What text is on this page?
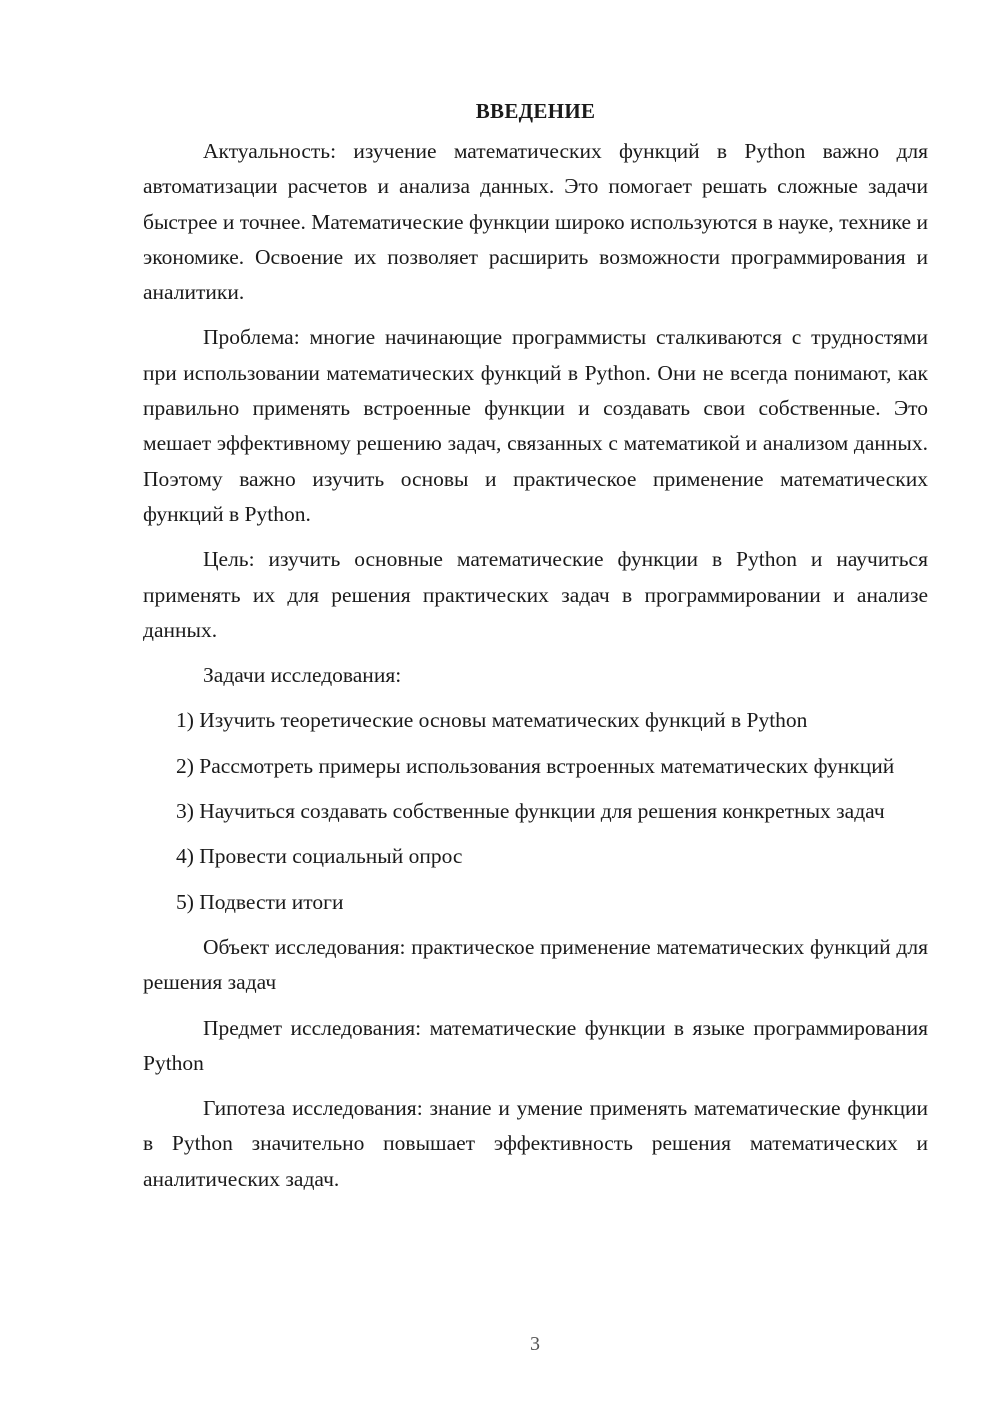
ВВЕДЕНИЕ

Актуальность: изучение математических функций в Python важно для автоматизации расчетов и анализа данных. Это помогает решать сложные задачи быстрее и точнее. Математические функции широко используются в науке, технике и экономике. Освоение их позволяет расширить возможности программирования и аналитики.

Проблема: многие начинающие программисты сталкиваются с трудностями при использовании математических функций в Python. Они не всегда понимают, как правильно применять встроенные функции и создавать свои собственные. Это мешает эффективному решению задач, связанных с математикой и анализом данных. Поэтому важно изучить основы и практическое применение математических функций в Python.

Цель: изучить основные математические функции в Python и научиться применять их для решения практических задач в программировании и анализе данных.

Задачи исследования:

1) Изучить теоретические основы математических функций в Python

2) Рассмотреть примеры использования встроенных математических функций

3) Научиться создавать собственные функции для решения конкретных задач

4) Провести социальный опрос

5) Подвести итоги

Объект исследования: практическое применение математических функций для решения задач

Предмет исследования: математические функции в языке программирования Python

Гипотеза исследования: знание и умение применять математические функции в Python значительно повышает эффективность решения математических и аналитических задач.

3
